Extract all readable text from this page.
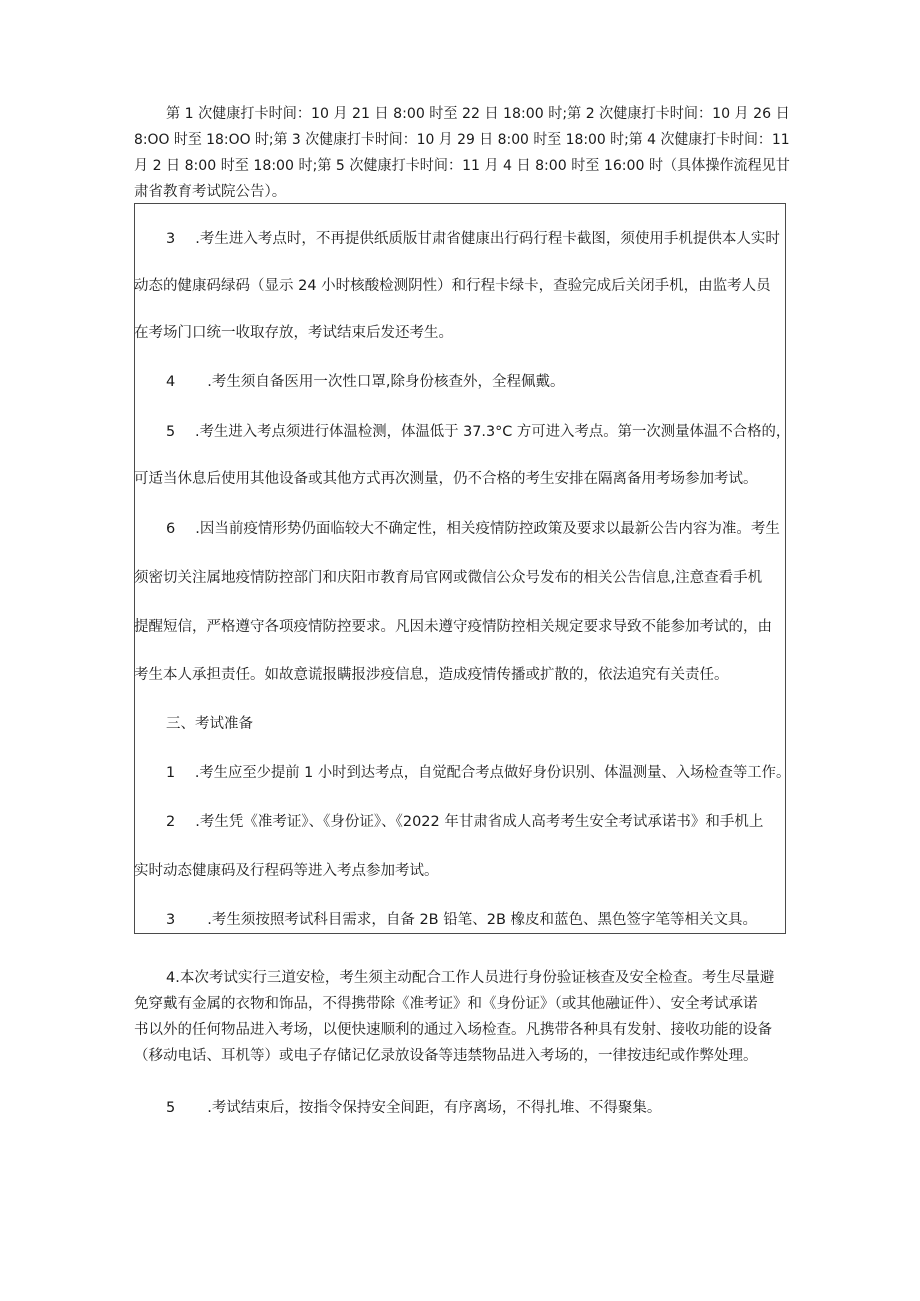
第 1 次健康打卡时间：10 月 21 日 8:00 时至 22 日 18:00 时;第 2 次健康打卡时间：10 月 26 日

8:OO 时至 18:OO 时;第 3 次健康打卡时间：10 月 29 日 8:00 时至 18:00 时;第 4 次健康打卡时间：11

月 2 日 8:00 时至 18:00 时;第 5 次健康打卡时间：11 月 4 日 8:00 时至 16:00 时（具体操作流程见甘

肃省教育考试院公告）。

3 .考生进入考点时，不再提供纸质版甘肃省健康出行码行程卡截图，须使用手机提供本人实时

动态的健康码绿码（显示 24 小时核酸检测阴性）和行程卡绿卡，查验完成后关闭手机，由监考人员

在考场门口统一收取存放，考试结束后发还考生。

4 .考生须自备医用一次性口罩,除身份核查外，全程佩戴。

5 .考生进入考点须进行体温检测，体温低于 37.3°C 方可进入考点。第一次测量体温不合格的，

可适当休息后使用其他设备或其他方式再次测量，仍不合格的考生安排在隔离备用考场参加考试。

6 .因当前疫情形势仍面临较大不确定性，相关疫情防控政策及要求以最新公告内容为准。考生

须密切关注属地疫情防控部门和庆阳市教育局官网或微信公众号发布的相关公告信息,注意查看手机

提醒短信，严格遵守各项疫情防控要求。凡因未遵守疫情防控相关规定要求导致不能参加考试的，由

考生本人承担责任。如故意谎报瞒报涉疫信息，造成疫情传播或扩散的，依法追究有关责任。

三、考试准备

1 .考生应至少提前 1 小时到达考点，自觉配合考点做好身份识别、体温测量、入场检查等工作。

2 .考生凭《准考证》、《身份证》、《2022 年甘肃省成人高考考生安全考试承诺书》和手机上

实时动态健康码及行程码等进入考点参加考试。

3 .考生须按照考试科目需求，自备 2B 铅笔、2B 橡皮和蓝色、黑色签字笔等相关文具。

4.本次考试实行三道安检，考生须主动配合工作人员进行身份验证核查及安全检查。考生尽量避

免穿戴有金属的衣物和饰品，不得携带除《准考证》和《身份证》（或其他融证件）、安全考试承诺

书以外的任何物品进入考场，以便快速顺利的通过入场检查。凡携带各种具有发射、接收功能的设备

（移动电话、耳机等）或电子存储记亿录放设备等违禁物品进入考场的，一律按违纪或作弊处理。

5 .考试结束后，按指令保持安全间距，有序离场，不得扎堆、不得聚集。
